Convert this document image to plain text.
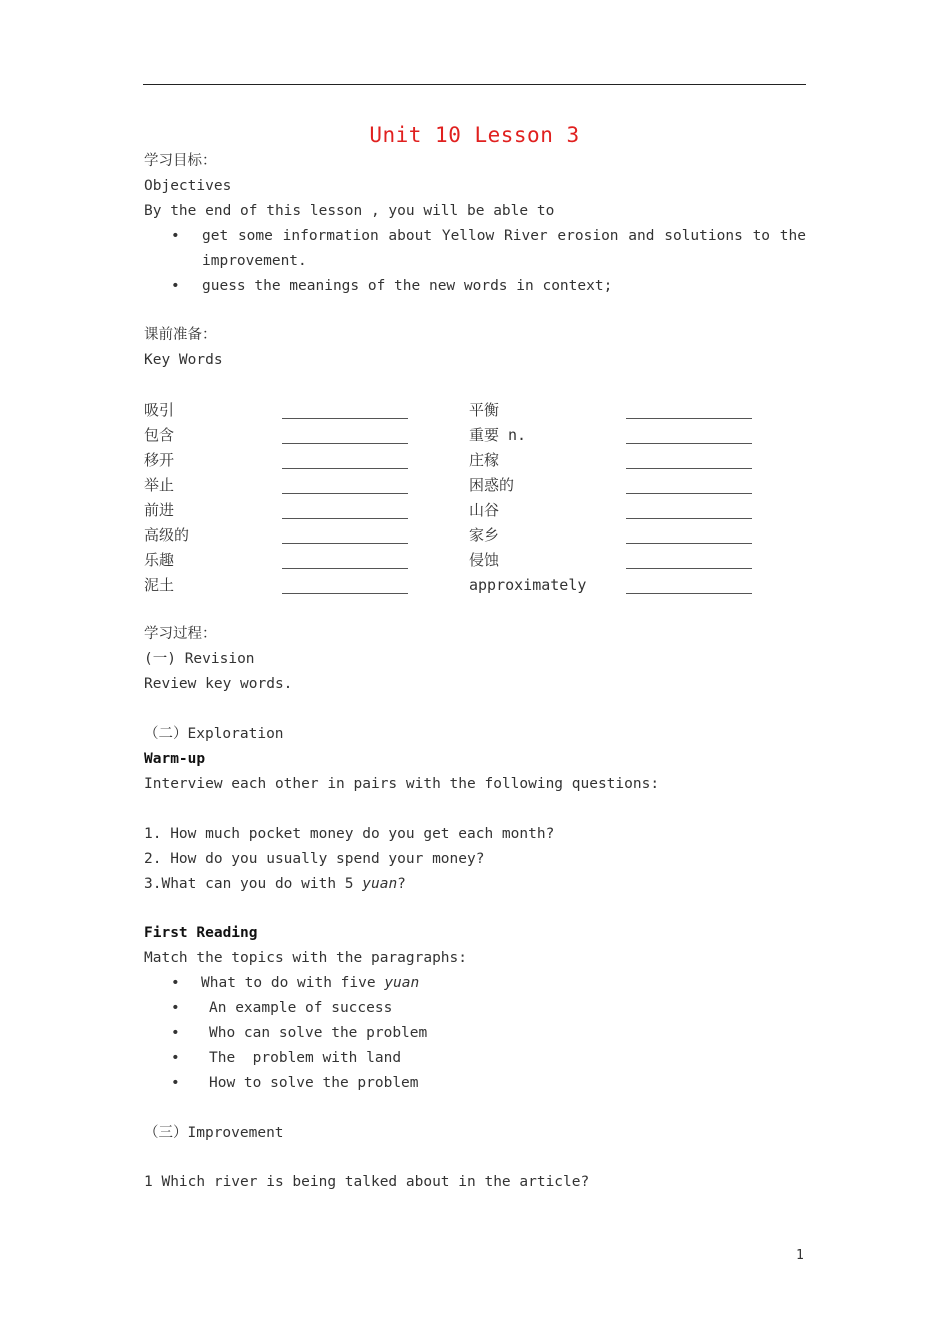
Unit 10 Lesson 3
学习目标：
Objectives
By the end of this lesson , you will be able to
• get some information about Yellow River erosion and solutions to the
improvement.
• guess the meanings of the new words in context;
课前准备：
Key Words
吸引
包含
移开
举止
前进
高级的
乐趣
泥土
平衡
重要 n.
庄稼
困惑的
山谷
家乡
侵蚀
approximately
学习过程：
(一) Revision
Review key words.
（二）Exploration
Warm-up
Interview each other in pairs with the following questions:
1. How much pocket money do you get each month?
2. How do you usually spend your money?
3.What can you do with 5 yuan?
First Reading
Match the topics with the paragraphs:
• What to do with five yuan
• An example of success
• Who can solve the problem
• The  problem with land
• How to solve the problem
（三）Improvement
1 Which river is being talked about in the article?
1
